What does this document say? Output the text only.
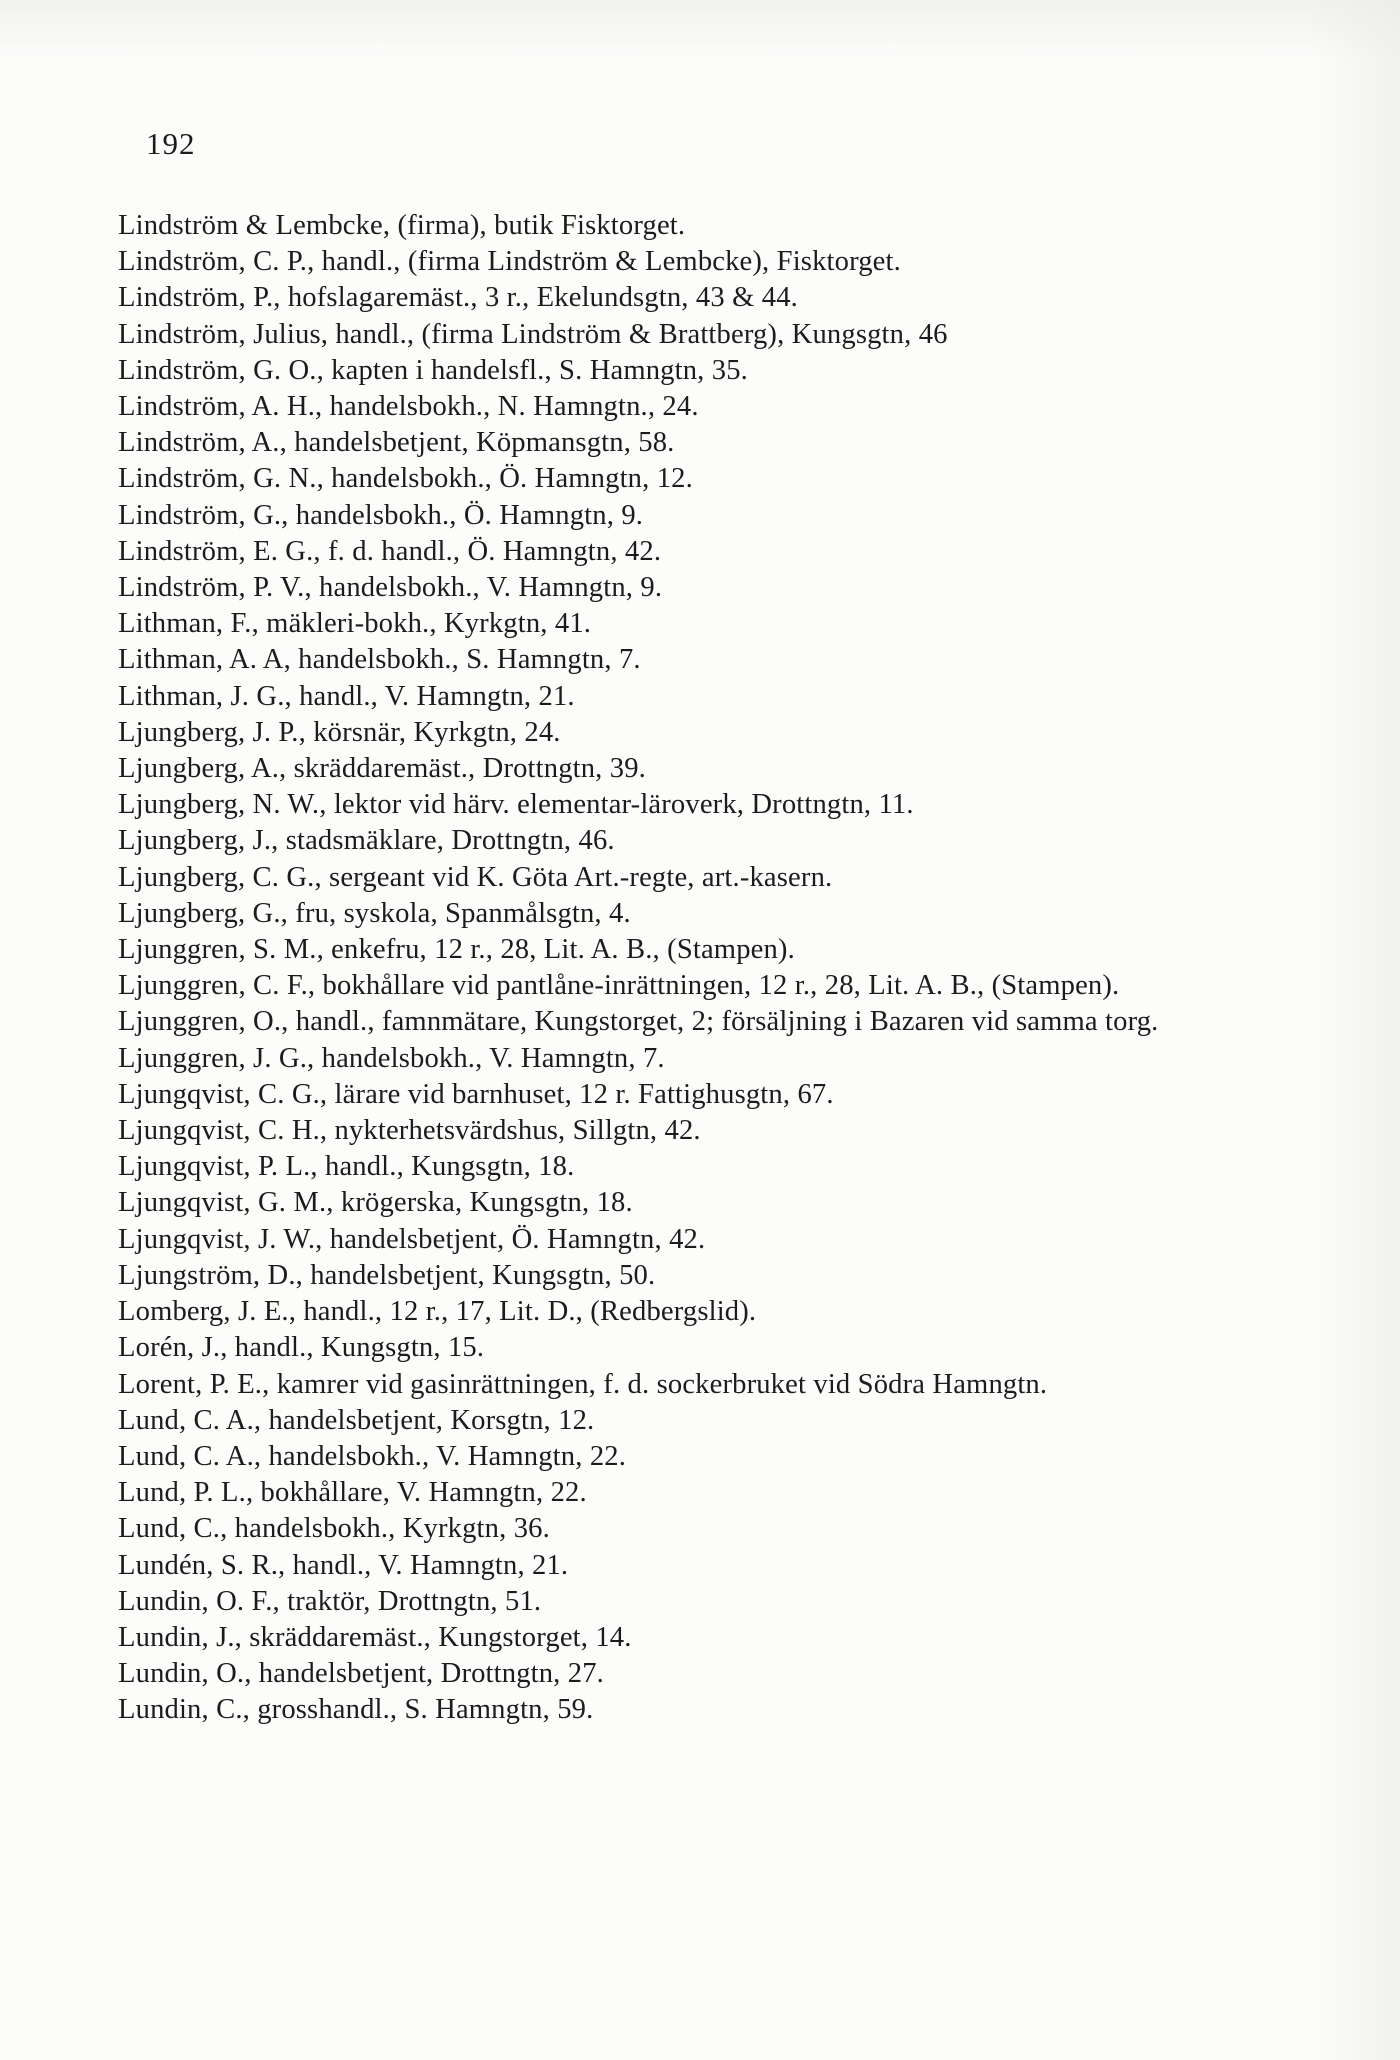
192
Lindström & Lembcke, (firma), butik Fisktorget.
Lindström, C. P., handl., (firma Lindström & Lembcke), Fisktorget.
Lindström, P., hofslagaremäst., 3 r., Ekelundsgtn, 43 & 44.
Lindström, Julius, handl., (firma Lindström & Brattberg), Kungsgtn, 46
Lindström, G. O., kapten i handelsfl., S. Hamngtn, 35.
Lindström, A. H., handelsbokh., N. Hamngtn., 24.
Lindström, A., handelsbetjent, Köpmansgtn, 58.
Lindström, G. N., handelsbokh., Ö. Hamngtn, 12.
Lindström, G., handelsbokh., Ö. Hamngtn, 9.
Lindström, E. G., f. d. handl., Ö. Hamngtn, 42.
Lindström, P. V., handelsbokh., V. Hamngtn, 9.
Lithman, F., mäkleri-bokh., Kyrkgtn, 41.
Lithman, A. A, handelsbokh., S. Hamngtn, 7.
Lithman, J. G., handl., V. Hamngtn, 21.
Ljungberg, J. P., körsnär, Kyrkgtn, 24.
Ljungberg, A., skräddaremäst., Drottngtn, 39.
Ljungberg, N. W., lektor vid härv. elementar-läroverk, Drottngtn, 11.
Ljungberg, J., stadsmäklare, Drottngtn, 46.
Ljungberg, C. G., sergeant vid K. Göta Art.-regte, art.-kasern.
Ljungberg, G., fru, syskola, Spanmålsgtn, 4.
Ljunggren, S. M., enkefru, 12 r., 28, Lit. A. B., (Stampen).
Ljunggren, C. F., bokhållare vid pantlåne-inrättningen, 12 r., 28, Lit. A. B., (Stampen).
Ljunggren, O., handl., famnmätare, Kungstorget, 2; försäljning i Bazaren vid samma torg.
Ljunggren, J. G., handelsbokh., V. Hamngtn, 7.
Ljungqvist, C. G., lärare vid barnhuset, 12 r. Fattighusgtn, 67.
Ljungqvist, C. H., nykterhetsvärdshus, Sillgtn, 42.
Ljungqvist, P. L., handl., Kungsgtn, 18.
Ljungqvist, G. M., krögerska, Kungsgtn, 18.
Ljungqvist, J. W., handelsbetjent, Ö. Hamngtn, 42.
Ljungström, D., handelsbetjent, Kungsgtn, 50.
Lomberg, J. E., handl., 12 r., 17, Lit. D., (Redbergslid).
Lorén, J., handl., Kungsgtn, 15.
Lorent, P. E., kamrer vid gasinrättningen, f. d. sockerbruket vid Södra Hamngtn.
Lund, C. A., handelsbetjent, Korsgtn, 12.
Lund, C. A., handelsbokh., V. Hamngtn, 22.
Lund, P. L., bokhållare, V. Hamngtn, 22.
Lund, C., handelsbokh., Kyrkgtn, 36.
Lundén, S. R., handl., V. Hamngtn, 21.
Lundin, O. F., traktör, Drottngtn, 51.
Lundin, J., skräddaremäst., Kungstorget, 14.
Lundin, O., handelsbetjent, Drottngtn, 27.
Lundin, C., grosshandl., S. Hamngtn, 59.
